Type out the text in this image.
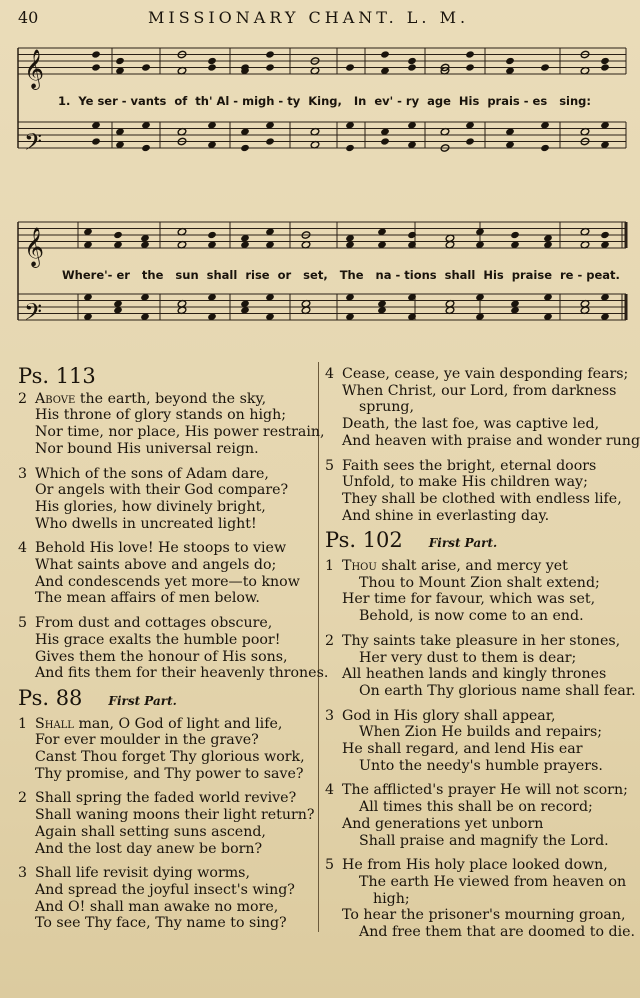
40	MISSIONARY CHANT. L. M.
𝄞
𝄢
𝄞
𝄢
1.  Ye ser - vants  of  th' Al - migh - ty  King,   In  ev' - ry  age  His  prais - es   sing:
Where'- er   the   sun  shall  rise  or   set,   The   na - tions  shall  His  praise  re - peat.
Ps. 113
2 Above the earth, beyond the sky,
His throne of glory stands on high;
Nor time, nor place, His power restrain,
Nor bound His universal reign.
3 Which of the sons of Adam dare,
Or angels with their God compare?
His glories, how divinely bright,
Who dwells in uncreated light!
4 Behold His love! He stoops to view
What saints above and angels do;
And condescends yet more—to know
The mean affairs of men below.
5 From dust and cottages obscure,
His grace exalts the humble poor!
Gives them the honour of His sons,
And fits them for their heavenly thrones.
Ps. 88 First Part.
1 Shall man, O God of light and life,
For ever moulder in the grave?
Canst Thou forget Thy glorious work,
Thy promise, and Thy power to save?
2 Shall spring the faded world revive?
Shall waning moons their light return?
Again shall setting suns ascend,
And the lost day anew be born?
3 Shall life revisit dying worms,
And spread the joyful insect's wing?
And O! shall man awake no more,
To see Thy face, Thy name to sing?
4 Cease, cease, ye vain desponding fears;
When Christ, our Lord, from darkness
sprung,
Death, the last foe, was captive led,
And heaven with praise and wonder rung
5 Faith sees the bright, eternal doors
Unfold, to make His children way;
They shall be clothed with endless life,
And shine in everlasting day.
Ps. 102 First Part.
1 Thou shalt arise, and mercy yet
Thou to Mount Zion shalt extend;
Her time for favour, which was set,
Behold, is now come to an end.
2 Thy saints take pleasure in her stones,
Her very dust to them is dear;
All heathen lands and kingly thrones
On earth Thy glorious name shall fear.
3 God in His glory shall appear,
When Zion He builds and repairs;
He shall regard, and lend His ear
Unto the needy's humble prayers.
4 The afflicted's prayer He will not scorn;
All times this shall be on record;
And generations yet unborn
Shall praise and magnify the Lord.
5 He from His holy place looked down,
The earth He viewed from heaven on
high;
To hear the prisoner's mourning groan,
And free them that are doomed to die.
